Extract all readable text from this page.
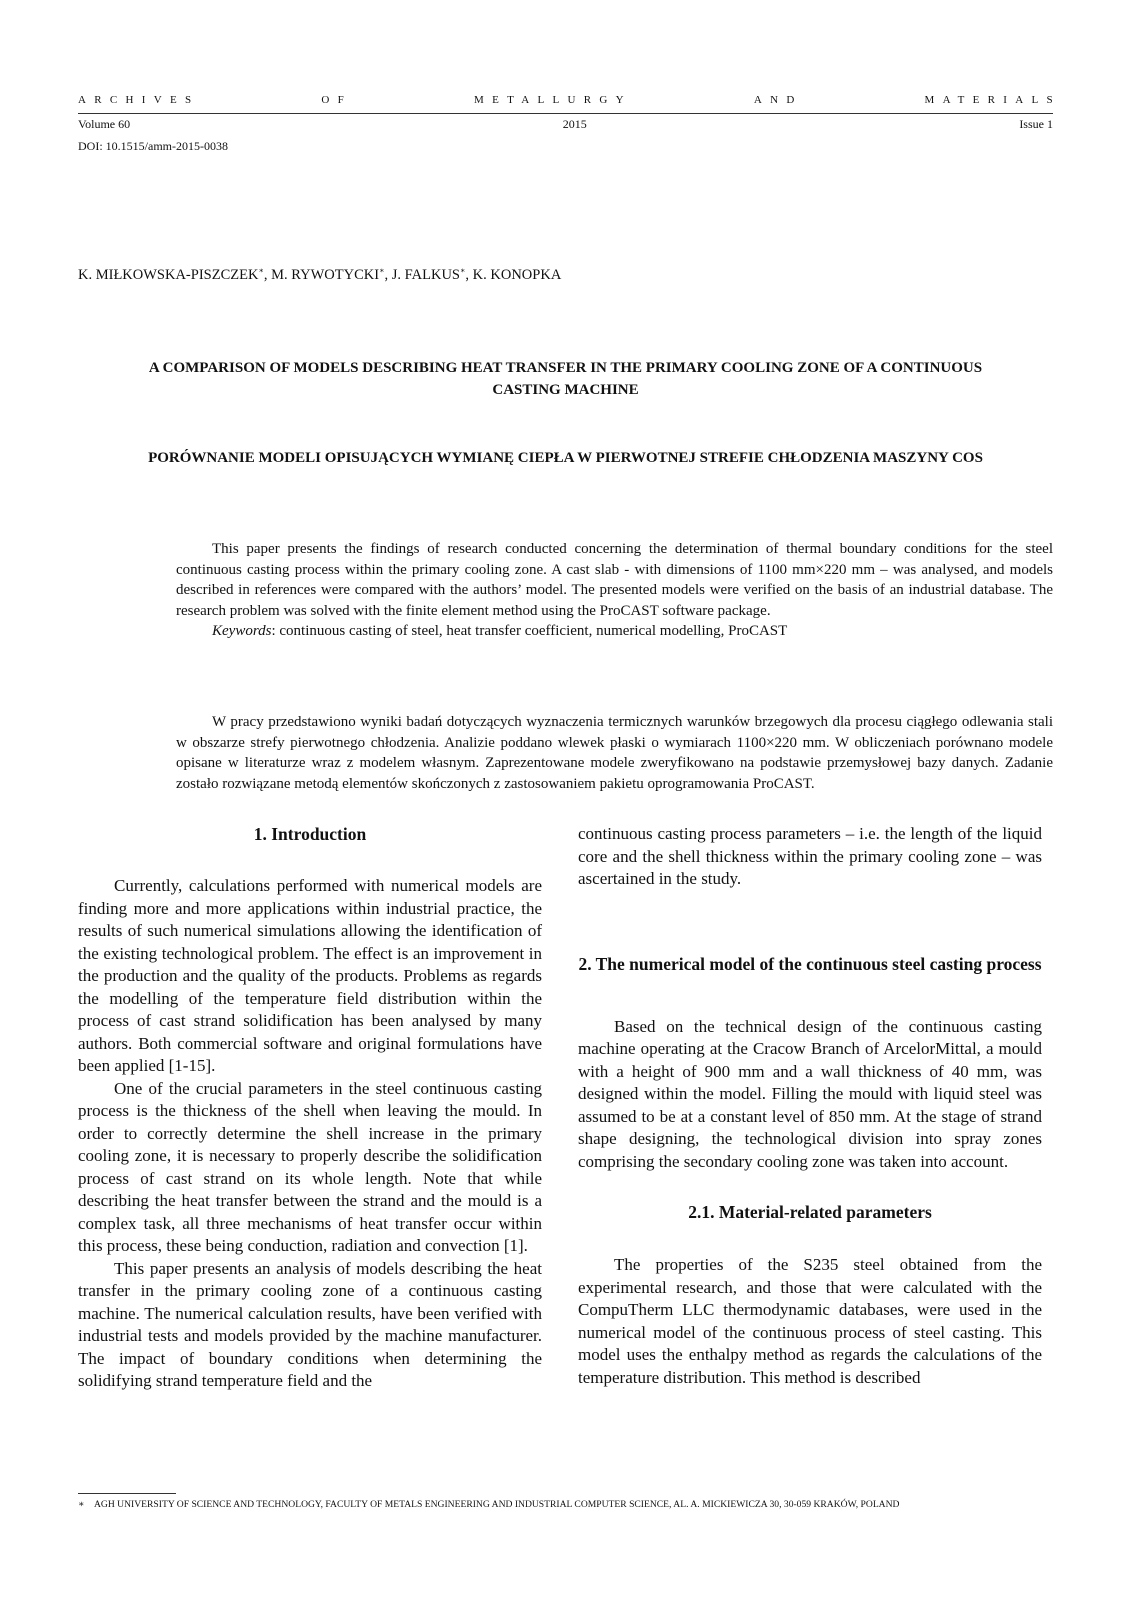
ARCHIVES	OF	METALLURGY	AND	MATERIALS
Volume 60	2015	Issue 1
DOI: 10.1515/amm-2015-0038
K. MIŁKOWSKA-PISZCZEK∗, M. RYWOTYCKI∗, J. FALKUS∗, K. KONOPKA
A COMPARISON OF MODELS DESCRIBING HEAT TRANSFER IN THE PRIMARY COOLING ZONE OF A CONTINUOUS
CASTING MACHINE
PORÓWNANIE MODELI OPISUJĄCYCH WYMIANĘ CIEPŁA W PIERWOTNEJ STREFIE CHŁODZENIA MASZYNY COS

This paper presents the findings of research conducted concerning the determination of thermal boundary conditions for the steel continuous casting process within the primary cooling zone. A cast slab - with dimensions of 1100 mm×220 mm – was analysed, and models described in references were compared with the authors’ model. The presented models were verified on the basis of an industrial database. The research problem was solved with the finite element method using the ProCAST software package.

Keywords: continuous casting of steel, heat transfer coefficient, numerical modelling, ProCAST

W pracy przedstawiono wyniki badań dotyczących wyznaczenia termicznych warunków brzegowych dla procesu ciągłego odlewania stali w obszarze strefy pierwotnego chłodzenia. Analizie poddano wlewek płaski o wymiarach 1100×220 mm. W obliczeniach porównano modele opisane w literaturze wraz z modelem własnym. Zaprezentowane modele zweryfikowano na podstawie przemysłowej bazy danych. Zadanie zostało rozwiązane metodą elementów skończonych z zastosowaniem pakietu oprogramowania ProCAST.

1. Introduction

Currently, calculations performed with numerical models are finding more and more applications within industrial practice, the results of such numerical simulations allowing the identification of the existing technological problem. The effect is an improvement in the production and the quality of the products. Problems as regards the modelling of the temperature field distribution within the process of cast strand solidification has been analysed by many authors. Both commercial software and original formulations have been applied [1-15].

One of the crucial parameters in the steel continuous casting process is the thickness of the shell when leaving the mould. In order to correctly determine the shell increase in the primary cooling zone, it is necessary to properly describe the solidification process of cast strand on its whole length. Note that while describing the heat transfer between the strand and the mould is a complex task, all three mechanisms of heat transfer occur within this process, these being conduction, radiation and convection [1].

This paper presents an analysis of models describing the heat transfer in the primary cooling zone of a continuous casting machine. The numerical calculation results, have been verified with industrial tests and models provided by the machine manufacturer. The impact of boundary conditions when determining the solidifying strand temperature field and the

continuous casting process parameters – i.e. the length of the liquid core and the shell thickness within the primary cooling zone – was ascertained in the study.

2. The numerical model of the continuous steel casting process

Based on the technical design of the continuous casting machine operating at the Cracow Branch of ArcelorMittal, a mould with a height of 900 mm and a wall thickness of 40 mm, was designed within the model. Filling the mould with liquid steel was assumed to be at a constant level of 850 mm. At the stage of strand shape designing, the technological division into spray zones comprising the secondary cooling zone was taken into account.

2.1. Material-related parameters

The properties of the S235 steel obtained from the experimental research, and those that were calculated with the CompuTherm LLC thermodynamic databases, were used in the numerical model of the continuous process of steel casting. This model uses the enthalpy method as regards the calculations of the temperature distribution. This method is described

∗ AGH UNIVERSITY OF SCIENCE AND TECHNOLOGY, FACULTY OF METALS ENGINEERING AND INDUSTRIAL COMPUTER SCIENCE, AL. A. MICKIEWICZA 30, 30-059 KRAKÓW, POLAND
